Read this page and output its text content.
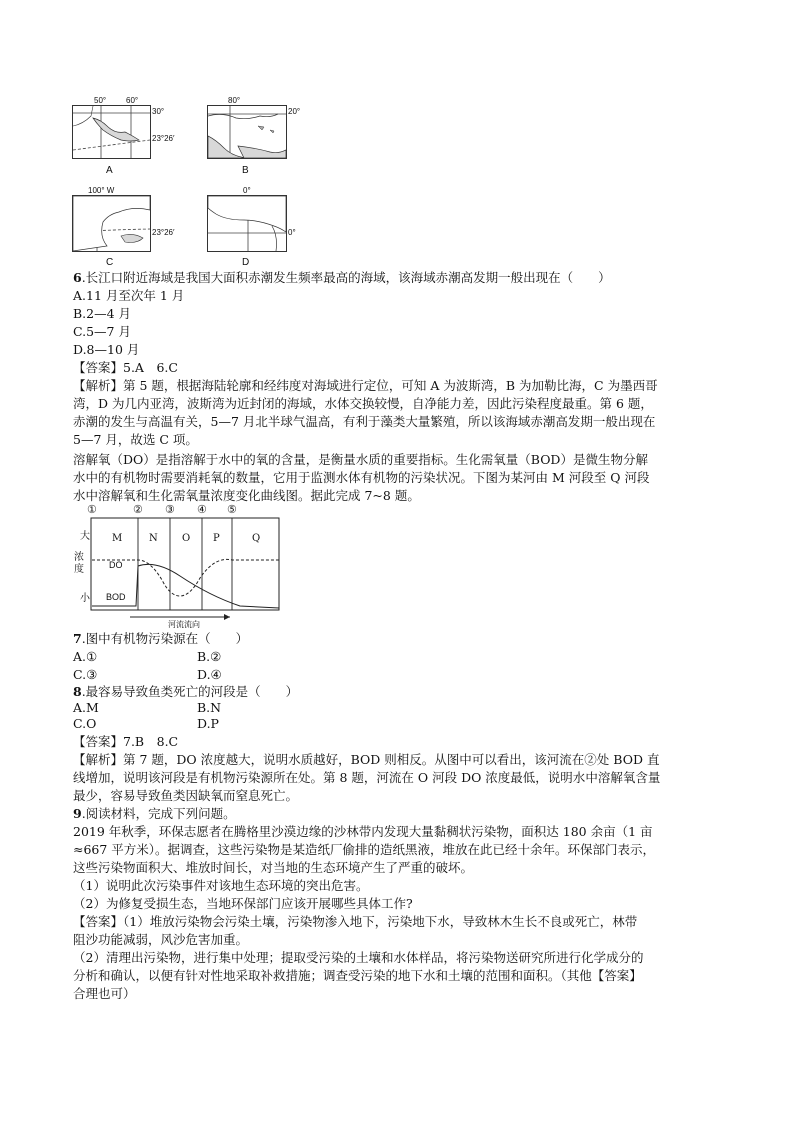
50° 60°
30°
23°26′
A
80°
20°
B
100° W
23°26′
C
0°
0°
D
6.长江口附近海域是我国大面积赤潮发生频率最高的海域，该海域赤潮高发期一般出现在（　　）
A.11 月至次年 1 月
B.2—4 月
C.5—7 月
D.8—10 月
【答案】5.A　6.C
【解析】第 5 题，根据海陆轮廓和经纬度对海域进行定位，可知 A 为波斯湾，B 为加勒比海，C 为墨西哥
湾，D 为几内亚湾，波斯湾为近封闭的海域，水体交换较慢，自净能力差，因此污染程度最重。第 6 题，
赤潮的发生与高温有关，5—7 月北半球气温高，有利于藻类大量繁殖，所以该海域赤潮高发期一般出现在
5—7 月，故选 C 项。
溶解氧（DO）是指溶解于水中的氧的含量，是衡量水质的重要指标。生化需氧量（BOD）是微生物分解
水中的有机物时需要消耗氧的数量，它用于监测水体有机物的污染状况。下图为某河由 M 河段至 Q 河段
水中溶解氧和生化需氧量浓度变化曲线图。据此完成 7~8 题。
①	② ③ ④ ⑤
大
浓
度
小
M	N O P	Q
DO
BOD
河流流向
7.图中有机物污染源在（　　）
A.①	B.②
C.③	D.④
8.最容易导致鱼类死亡的河段是（　　）
A.M	B.N
C.O	D.P
【答案】7.B　8.C
【解析】第 7 题，DO 浓度越大，说明水质越好，BOD 则相反。从图中可以看出，该河流在②处 BOD 直
线增加，说明该河段是有机物污染源所在处。第 8 题，河流在 O 河段 DO 浓度最低，说明水中溶解氧含量
最少，容易导致鱼类因缺氧而窒息死亡。
9.阅读材料，完成下列问题。
2019 年秋季，环保志愿者在腾格里沙漠边缘的沙林带内发现大量黏稠状污染物，面积达 180 余亩（1 亩
≈667 平方米）。据调查，这些污染物是某造纸厂偷排的造纸黑液，堆放在此已经十余年。环保部门表示，
这些污染物面积大、堆放时间长，对当地的生态环境产生了严重的破坏。
（1）说明此次污染事件对该地生态环境的突出危害。
（2）为修复受损生态，当地环保部门应该开展哪些具体工作?
【答案】（1）堆放污染物会污染土壤，污染物渗入地下，污染地下水，导致林木生长不良或死亡，林带
阻沙功能减弱，风沙危害加重。
（2）清理出污染物，进行集中处理；提取受污染的土壤和水体样品，将污染物送研究所进行化学成分的
分析和确认，以便有针对性地采取补救措施；调查受污染的地下水和土壤的范围和面积。（其他【答案】
合理也可）
